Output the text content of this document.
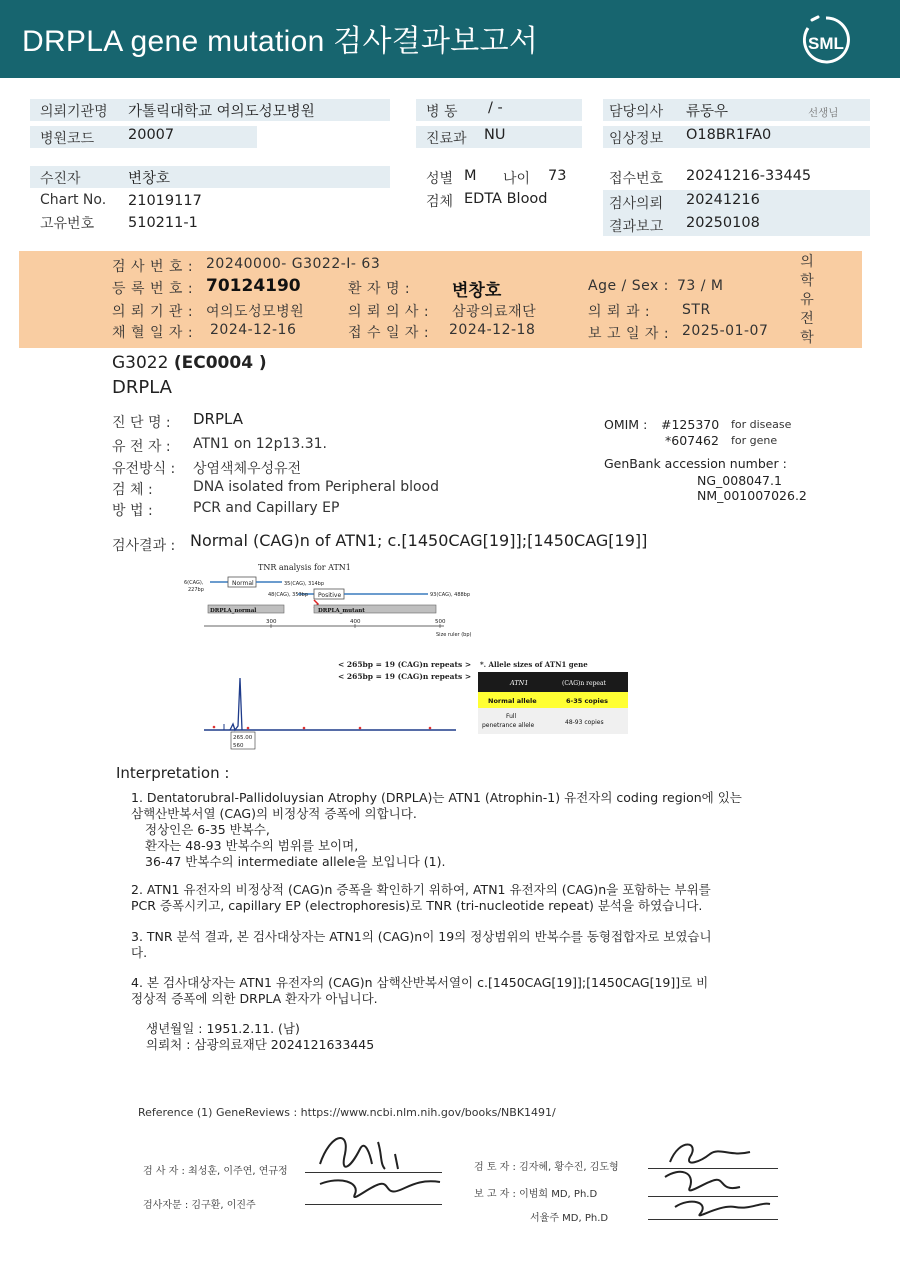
DRPLA gene mutation 검사결과보고서	SML
의뢰기관명 가톨릭대학교 여의도성모병원
병원코드 20007
병 동 / -
진료과 NU
담당의사 류동우	선생님
임상정보 O18BR1FA0
수진자	변창호
Chart No. 21019117
고유번호 510211-1
성별 M 나이 73
검체 EDTA Blood
접수번호 20241216-33445
검사의뢰 20241216
결과보고 20250108
검 사 번 호 : 20240000- G3022-I- 63
등 록 번 호 : 70124190	환 자 명 : 변창호	Age / Sex : 73 / M
의 뢰 기 관 : 여의도성모병원	의 뢰 의 사 : 삼광의료재단	의 뢰 과 : STR
채 혈 일 자 : 2024-12-16	접 수 일 자 : 2024-12-18	보 고 일 자 : 2025-01-07
의
학
유
전
학
G3022 (EC0004 )
DRPLA
진 단 명 : DRPLA
유 전 자 : ATN1 on 12p13.31.
유전방식 : 상염색체우성유전
검 체 :	DNA isolated from Peripheral blood
방 법 :	PCR and Capillary EP
OMIM : #125370 for disease
*607462 for gene
GenBank accession number :
NG_008047.1
NM_001007026.2
검사결과 : Normal (CAG)n of ATN1; c.[1450CAG[19]];[1450CAG[19]]
TNR analysis for ATN1
Normal
6(CAG),
227bp
35(CAG), 314bp
Positive
48(CAG), 353bp	93(CAG), 488bp
DRPLA_normal	DRPLA_mutant
300	400	500
Size ruler (bp)
< 265bp = 19 (CAG)n repeats >
< 265bp = 19 (CAG)n repeats >
265.00
560
*. Allele sizes of ATN1 gene
ATN1	(CAG)n repeat
Normal allele	6-35 copies
Full
penetrance allele	48-93 copies
Interpretation :
1. Dentatorubral-Pallidoluysian Atrophy (DRPLA)는 ATN1 (Atrophin-1) 유전자의 coding region에 있는
삼핵산반복서열 (CAG)의 비정상적 증폭에 의합니다.
정상인은 6-35 반복수,
환자는 48-93 반복수의 범위를 보이며,
36-47 반복수의 intermediate allele을 보입니다 (1).
2. ATN1 유전자의 비정상적 (CAG)n 증폭을 확인하기 위하여, ATN1 유전자의 (CAG)n을 포함하는 부위를
PCR 증폭시키고, capillary EP (electrophoresis)로 TNR (tri-nucleotide repeat) 분석을 하였습니다.
3. TNR 분석 결과, 본 검사대상자는 ATN1의 (CAG)n이 19의 정상범위의 반복수를 동형접합자로 보였습니
다.
4. 본 검사대상자는 ATN1 유전자의 (CAG)n 삼핵산반복서열이 c.[1450CAG[19]];[1450CAG[19]]로 비
정상적 증폭에 의한 DRPLA 환자가 아닙니다.
생년월일 : 1951.2.11. (남)
의뢰처 : 삼광의료재단 2024121633445
Reference (1) GeneReviews : https://www.ncbi.nlm.nih.gov/books/NBK1491/
검 사 자 : 최성훈, 이주연, 연규정
검사자문 : 김구환, 이진주
검 토 자 : 김자혜, 황수진, 김도형
보 고 자 : 이범희 MD, Ph.D
서율주 MD, Ph.D
